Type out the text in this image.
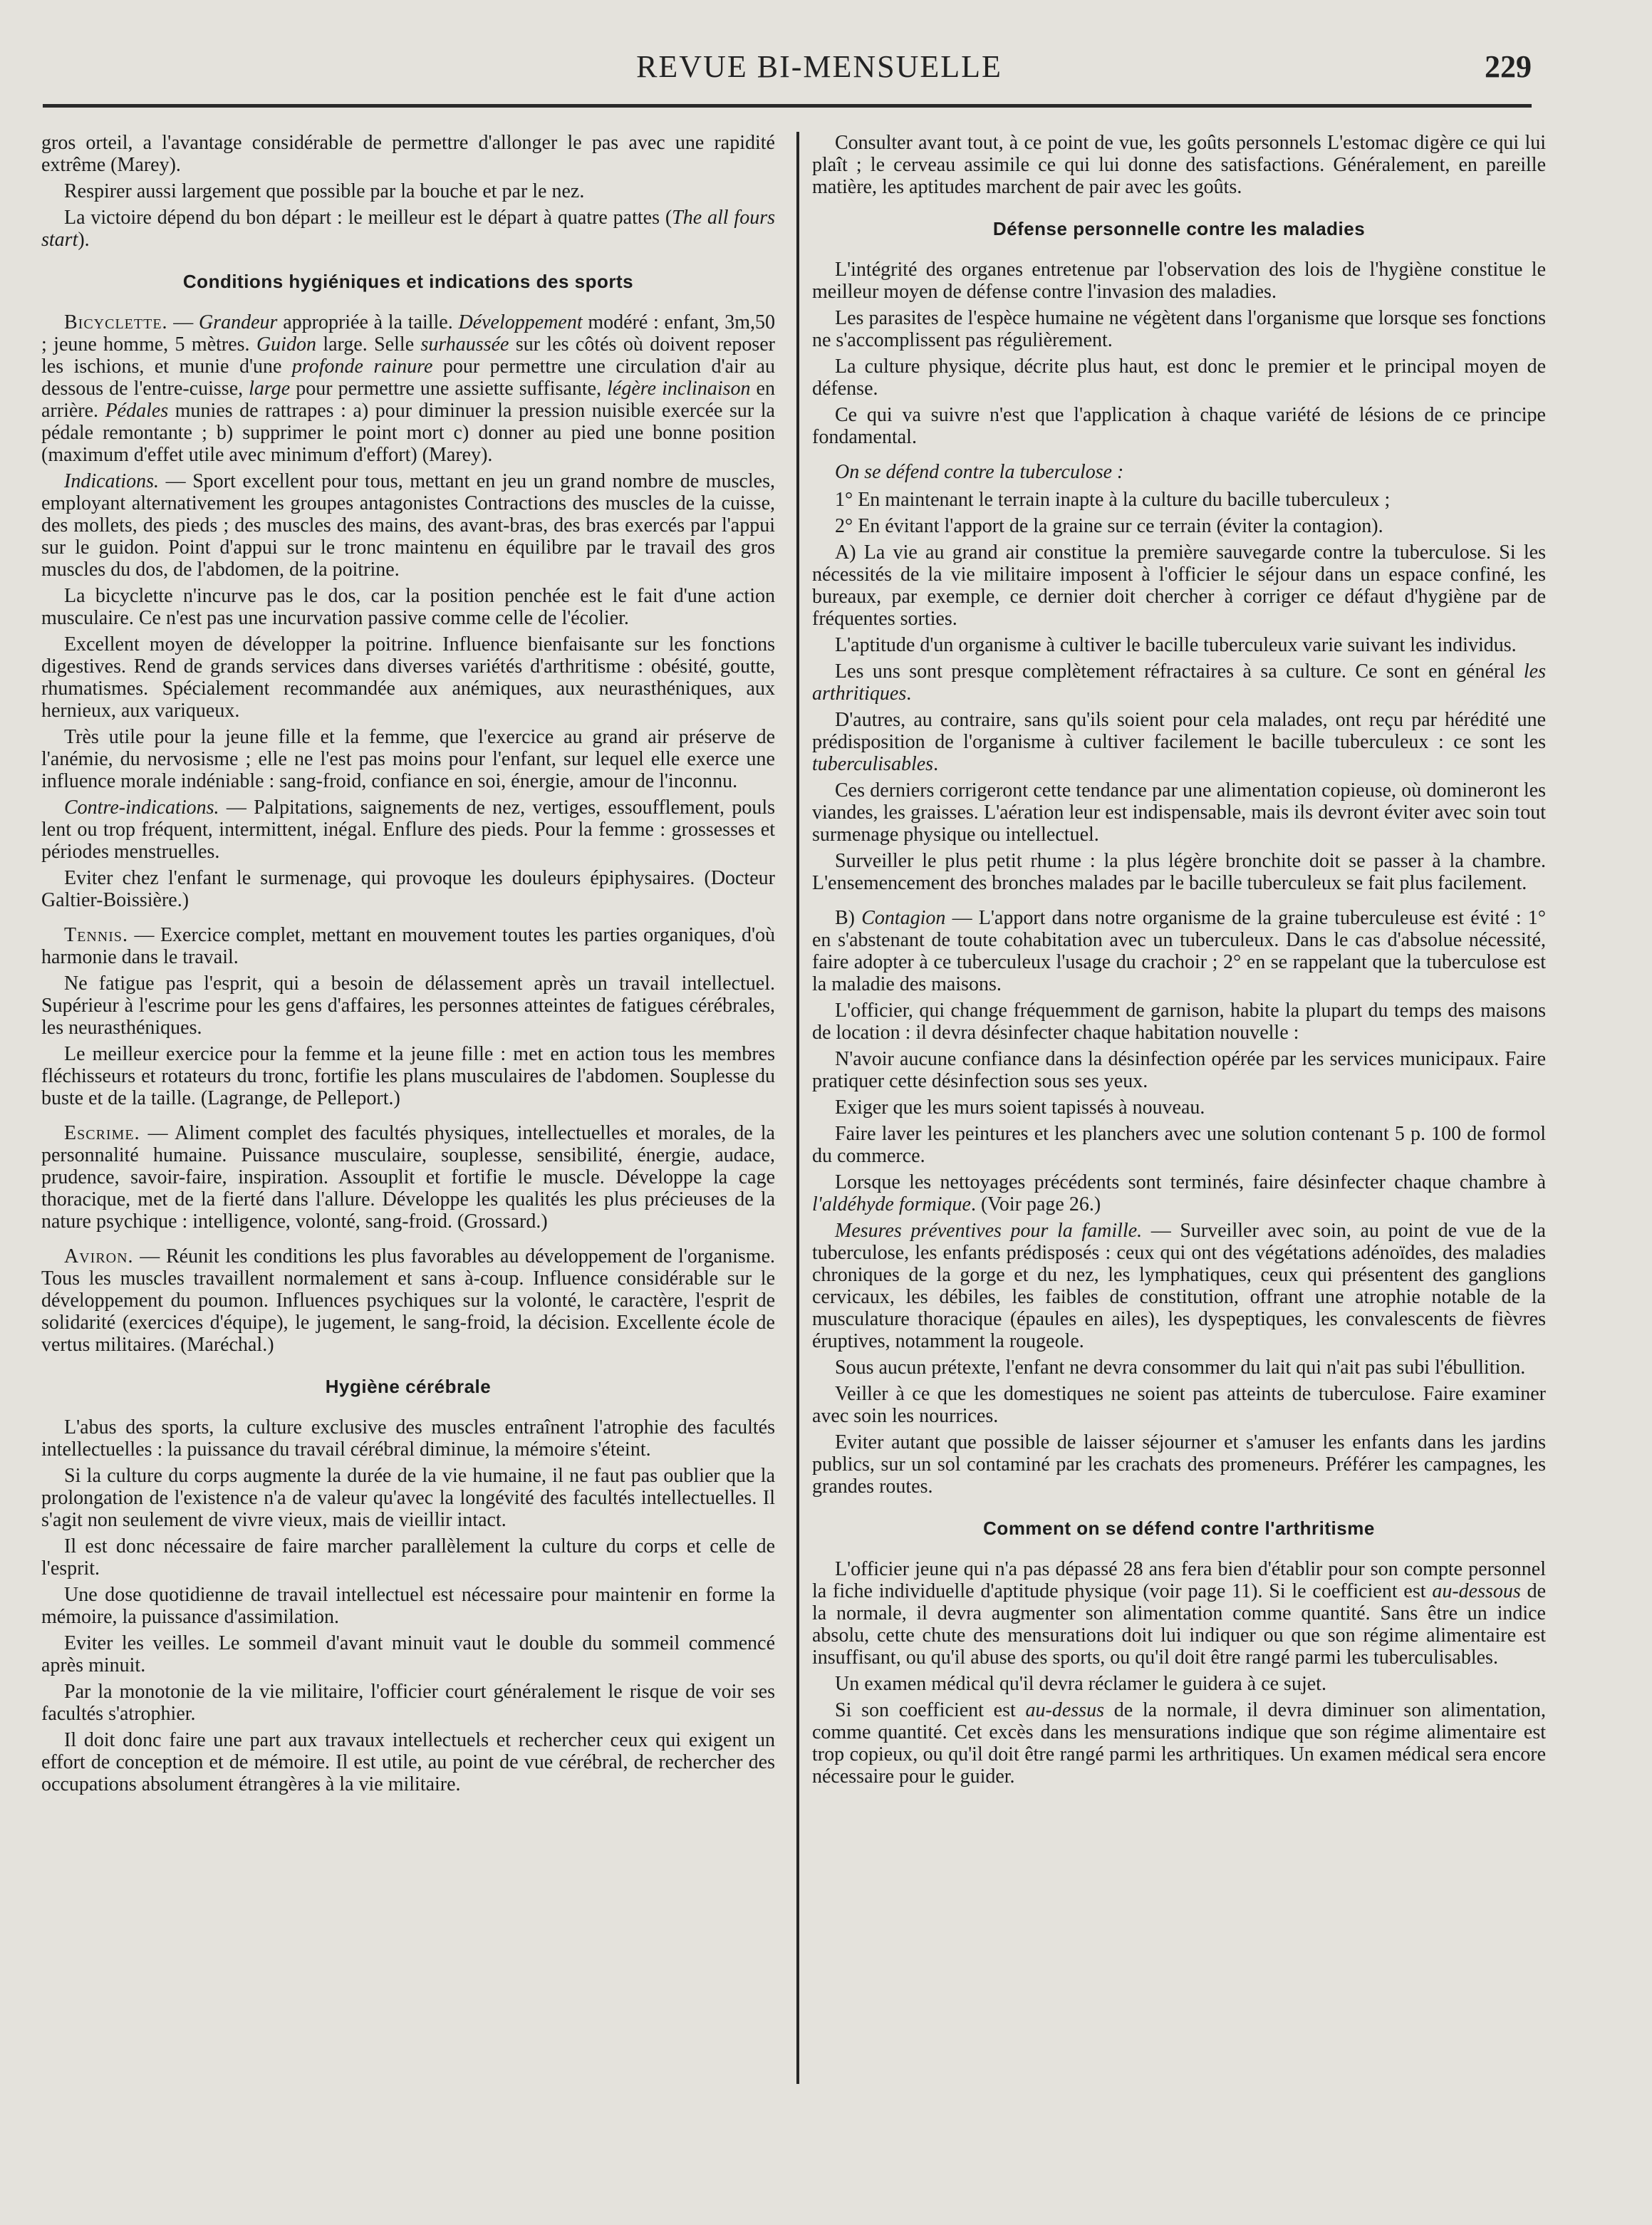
REVUE BI-MENSUELLE	229

gros orteil, a l'avantage considérable de permettre d'allonger le pas avec une rapidité extrême (Marey).

Respirer aussi largement que possible par la bouche et par le nez.

La victoire dépend du bon départ : le meilleur est le départ à quatre pattes (The all fours start).

Conditions hygiéniques et indications des sports

Bicyclette. — Grandeur appropriée à la taille. Développement modéré : enfant, 3m,50 ; jeune homme, 5 mètres. Guidon large. Selle surhaussée sur les côtés où doivent reposer les ischions, et munie d'une profonde rainure pour permettre une circulation d'air au dessous de l'entre-cuisse, large pour permettre une assiette suffisante, légère inclinaison en arrière. Pédales munies de rattrapes : a) pour diminuer la pression nuisible exercée sur la pédale remontante ; b) supprimer le point mort c) donner au pied une bonne position (maximum d'effet utile avec minimum d'effort) (Marey).

Indications. — Sport excellent pour tous, mettant en jeu un grand nombre de muscles, employant alternativement les groupes antagonistes Contractions des muscles de la cuisse, des mollets, des pieds ; des muscles des mains, des avant-bras, des bras exercés par l'appui sur le guidon. Point d'appui sur le tronc maintenu en équilibre par le travail des gros muscles du dos, de l'abdomen, de la poitrine.

La bicyclette n'incurve pas le dos, car la position penchée est le fait d'une action musculaire. Ce n'est pas une incurvation passive comme celle de l'écolier.

Excellent moyen de développer la poitrine. Influence bienfaisante sur les fonctions digestives. Rend de grands services dans diverses variétés d'arthritisme : obésité, goutte, rhumatismes. Spécialement recommandée aux anémiques, aux neurasthéniques, aux hernieux, aux variqueux.

Très utile pour la jeune fille et la femme, que l'exercice au grand air préserve de l'anémie, du nervosisme ; elle ne l'est pas moins pour l'enfant, sur lequel elle exerce une influence morale indéniable : sang-froid, confiance en soi, énergie, amour de l'inconnu.

Contre-indications. — Palpitations, saignements de nez, vertiges, essoufflement, pouls lent ou trop fréquent, intermittent, inégal. Enflure des pieds. Pour la femme : grossesses et périodes menstruelles.

Eviter chez l'enfant le surmenage, qui provoque les douleurs épiphysaires. (Docteur Galtier-Boissière.)

Tennis. — Exercice complet, mettant en mouvement toutes les parties organiques, d'où harmonie dans le travail.

Ne fatigue pas l'esprit, qui a besoin de délassement après un travail intellectuel. Supérieur à l'escrime pour les gens d'affaires, les personnes atteintes de fatigues cérébrales, les neurasthéniques.

Le meilleur exercice pour la femme et la jeune fille : met en action tous les membres fléchisseurs et rotateurs du tronc, fortifie les plans musculaires de l'abdomen. Souplesse du buste et de la taille. (Lagrange, de Pelleport.)

Escrime. — Aliment complet des facultés physiques, intellectuelles et morales, de la personnalité humaine. Puissance musculaire, souplesse, sensibilité, énergie, audace, prudence, savoir-faire, inspiration. Assouplit et fortifie le muscle. Développe la cage thoracique, met de la fierté dans l'allure. Développe les qualités les plus précieuses de la nature psychique : intelligence, volonté, sang-froid. (Grossard.)

Aviron. — Réunit les conditions les plus favorables au développement de l'organisme. Tous les muscles travaillent normalement et sans à-coup. Influence considérable sur le développement du poumon. Influences psychiques sur la volonté, le caractère, l'esprit de solidarité (exercices d'équipe), le jugement, le sang-froid, la décision. Excellente école de vertus militaires. (Maréchal.)

Hygiène cérébrale

L'abus des sports, la culture exclusive des muscles entraînent l'atrophie des facultés intellectuelles : la puissance du travail cérébral diminue, la mémoire s'éteint.

Si la culture du corps augmente la durée de la vie humaine, il ne faut pas oublier que la prolongation de l'existence n'a de valeur qu'avec la longévité des facultés intellectuelles. Il s'agit non seulement de vivre vieux, mais de vieillir intact.

Il est donc nécessaire de faire marcher parallèlement la culture du corps et celle de l'esprit.

Une dose quotidienne de travail intellectuel est nécessaire pour maintenir en forme la mémoire, la puissance d'assimilation.

Eviter les veilles. Le sommeil d'avant minuit vaut le double du sommeil commencé après minuit.

Par la monotonie de la vie militaire, l'officier court généralement le risque de voir ses facultés s'atrophier.

Il doit donc faire une part aux travaux intellectuels et rechercher ceux qui exigent un effort de conception et de mémoire. Il est utile, au point de vue cérébral, de rechercher des occupations absolument étrangères à la vie militaire.

Consulter avant tout, à ce point de vue, les goûts personnels L'estomac digère ce qui lui plaît ; le cerveau assimile ce qui lui donne des satisfactions. Généralement, en pareille matière, les aptitudes marchent de pair avec les goûts.

Défense personnelle contre les maladies

L'intégrité des organes entretenue par l'observation des lois de l'hygiène constitue le meilleur moyen de défense contre l'invasion des maladies.

Les parasites de l'espèce humaine ne végètent dans l'organisme que lorsque ses fonctions ne s'accomplissent pas régulièrement.

La culture physique, décrite plus haut, est donc le premier et le principal moyen de défense.

Ce qui va suivre n'est que l'application à chaque variété de lésions de ce principe fondamental.

On se défend contre la tuberculose :

1° En maintenant le terrain inapte à la culture du bacille tuberculeux ;

2° En évitant l'apport de la graine sur ce terrain (éviter la contagion).

A) La vie au grand air constitue la première sauvegarde contre la tuberculose. Si les nécessités de la vie militaire imposent à l'officier le séjour dans un espace confiné, les bureaux, par exemple, ce dernier doit chercher à corriger ce défaut d'hygiène par de fréquentes sorties.

L'aptitude d'un organisme à cultiver le bacille tuberculeux varie suivant les individus.

Les uns sont presque complètement réfractaires à sa culture. Ce sont en général les arthritiques.

D'autres, au contraire, sans qu'ils soient pour cela malades, ont reçu par hérédité une prédisposition de l'organisme à cultiver facilement le bacille tuberculeux : ce sont les tuberculisables.

Ces derniers corrigeront cette tendance par une alimentation copieuse, où domineront les viandes, les graisses. L'aération leur est indispensable, mais ils devront éviter avec soin tout surmenage physique ou intellectuel.

Surveiller le plus petit rhume : la plus légère bronchite doit se passer à la chambre. L'ensemencement des bronches malades par le bacille tuberculeux se fait plus facilement.

B) Contagion — L'apport dans notre organisme de la graine tuberculeuse est évité : 1° en s'abstenant de toute cohabitation avec un tuberculeux. Dans le cas d'absolue nécessité, faire adopter à ce tuberculeux l'usage du crachoir ; 2° en se rappelant que la tuberculose est la maladie des maisons.

L'officier, qui change fréquemment de garnison, habite la plupart du temps des maisons de location : il devra désinfecter chaque habitation nouvelle :

N'avoir aucune confiance dans la désinfection opérée par les services municipaux. Faire pratiquer cette désinfection sous ses yeux.

Exiger que les murs soient tapissés à nouveau.

Faire laver les peintures et les planchers avec une solution contenant 5 p. 100 de formol du commerce.

Lorsque les nettoyages précédents sont terminés, faire désinfecter chaque chambre à l'aldéhyde formique. (Voir page 26.)

Mesures préventives pour la famille. — Surveiller avec soin, au point de vue de la tuberculose, les enfants prédisposés : ceux qui ont des végétations adénoïdes, des maladies chroniques de la gorge et du nez, les lymphatiques, ceux qui présentent des ganglions cervicaux, les débiles, les faibles de constitution, offrant une atrophie notable de la musculature thoracique (épaules en ailes), les dyspeptiques, les convalescents de fièvres éruptives, notamment la rougeole.

Sous aucun prétexte, l'enfant ne devra consommer du lait qui n'ait pas subi l'ébullition.

Veiller à ce que les domestiques ne soient pas atteints de tuberculose. Faire examiner avec soin les nourrices.

Eviter autant que possible de laisser séjourner et s'amuser les enfants dans les jardins publics, sur un sol contaminé par les crachats des promeneurs. Préférer les campagnes, les grandes routes.

Comment on se défend contre l'arthritisme

L'officier jeune qui n'a pas dépassé 28 ans fera bien d'établir pour son compte personnel la fiche individuelle d'aptitude physique (voir page 11). Si le coefficient est au-dessous de la normale, il devra augmenter son alimentation comme quantité. Sans être un indice absolu, cette chute des mensurations doit lui indiquer ou que son régime alimentaire est insuffisant, ou qu'il abuse des sports, ou qu'il doit être rangé parmi les tuberculisables.

Un examen médical qu'il devra réclamer le guidera à ce sujet.

Si son coefficient est au-dessus de la normale, il devra diminuer son alimentation, comme quantité. Cet excès dans les mensurations indique que son régime alimentaire est trop copieux, ou qu'il doit être rangé parmi les arthritiques. Un examen médical sera encore nécessaire pour le guider.
